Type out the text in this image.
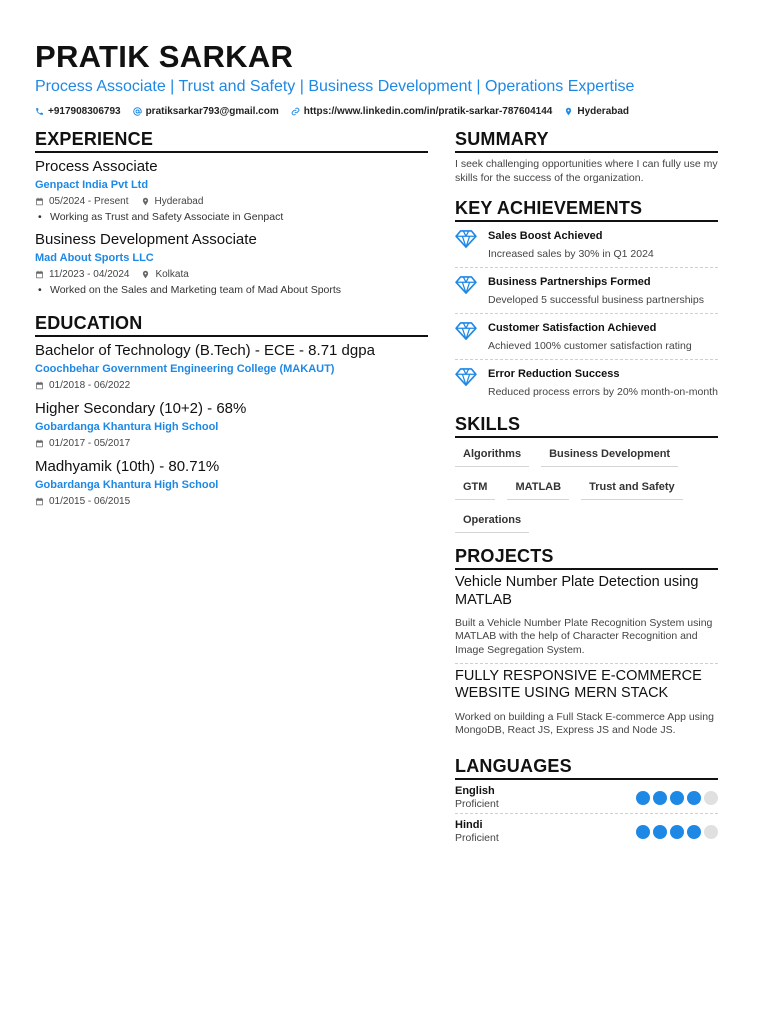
PRATIK SARKAR
Process Associate | Trust and Safety | Business Development | Operations Expertise
+917908306793	pratiksarkar793@gmail.com	https://www.linkedin.com/in/pratik-sarkar-787604144	Hyderabad
EXPERIENCE
Process Associate
Genpact India Pvt Ltd
05/2024 - Present	Hyderabad
• Working as Trust and Safety Associate in Genpact
Business Development Associate
Mad About Sports LLC
11/2023 - 04/2024	Kolkata
• Worked on the Sales and Marketing team of Mad About Sports
EDUCATION
Bachelor of Technology (B.Tech) - ECE - 8.71 dgpa
Coochbehar Government Engineering College (MAKAUT)
01/2018 - 06/2022
Higher Secondary (10+2) - 68%
Gobardanga Khantura High School
01/2017 - 05/2017
Madhyamik (10th) - 80.71%
Gobardanga Khantura High School
01/2015 - 06/2015
SUMMARY
I seek challenging opportunities where I can fully use my skills for the success of the organization.
KEY ACHIEVEMENTS
Sales Boost Achieved
Increased sales by 30% in Q1 2024
Business Partnerships Formed
Developed 5 successful business partnerships
Customer Satisfaction Achieved
Achieved 100% customer satisfaction rating
Error Reduction Success
Reduced process errors by 20% month-on-month
SKILLS
Algorithms	Business Development
GTM	MATLAB	Trust and Safety
Operations
PROJECTS
Vehicle Number Plate Detection using MATLAB
Built a Vehicle Number Plate Recognition System using MATLAB with the help of Character Recognition and Image Segregation System.
FULLY RESPONSIVE E-COMMERCE WEBSITE USING MERN STACK
Worked on building a Full Stack E-commerce App using MongoDB, React JS, Express JS and Node JS.
LANGUAGES
English
Proficient
Hindi
Proficient
